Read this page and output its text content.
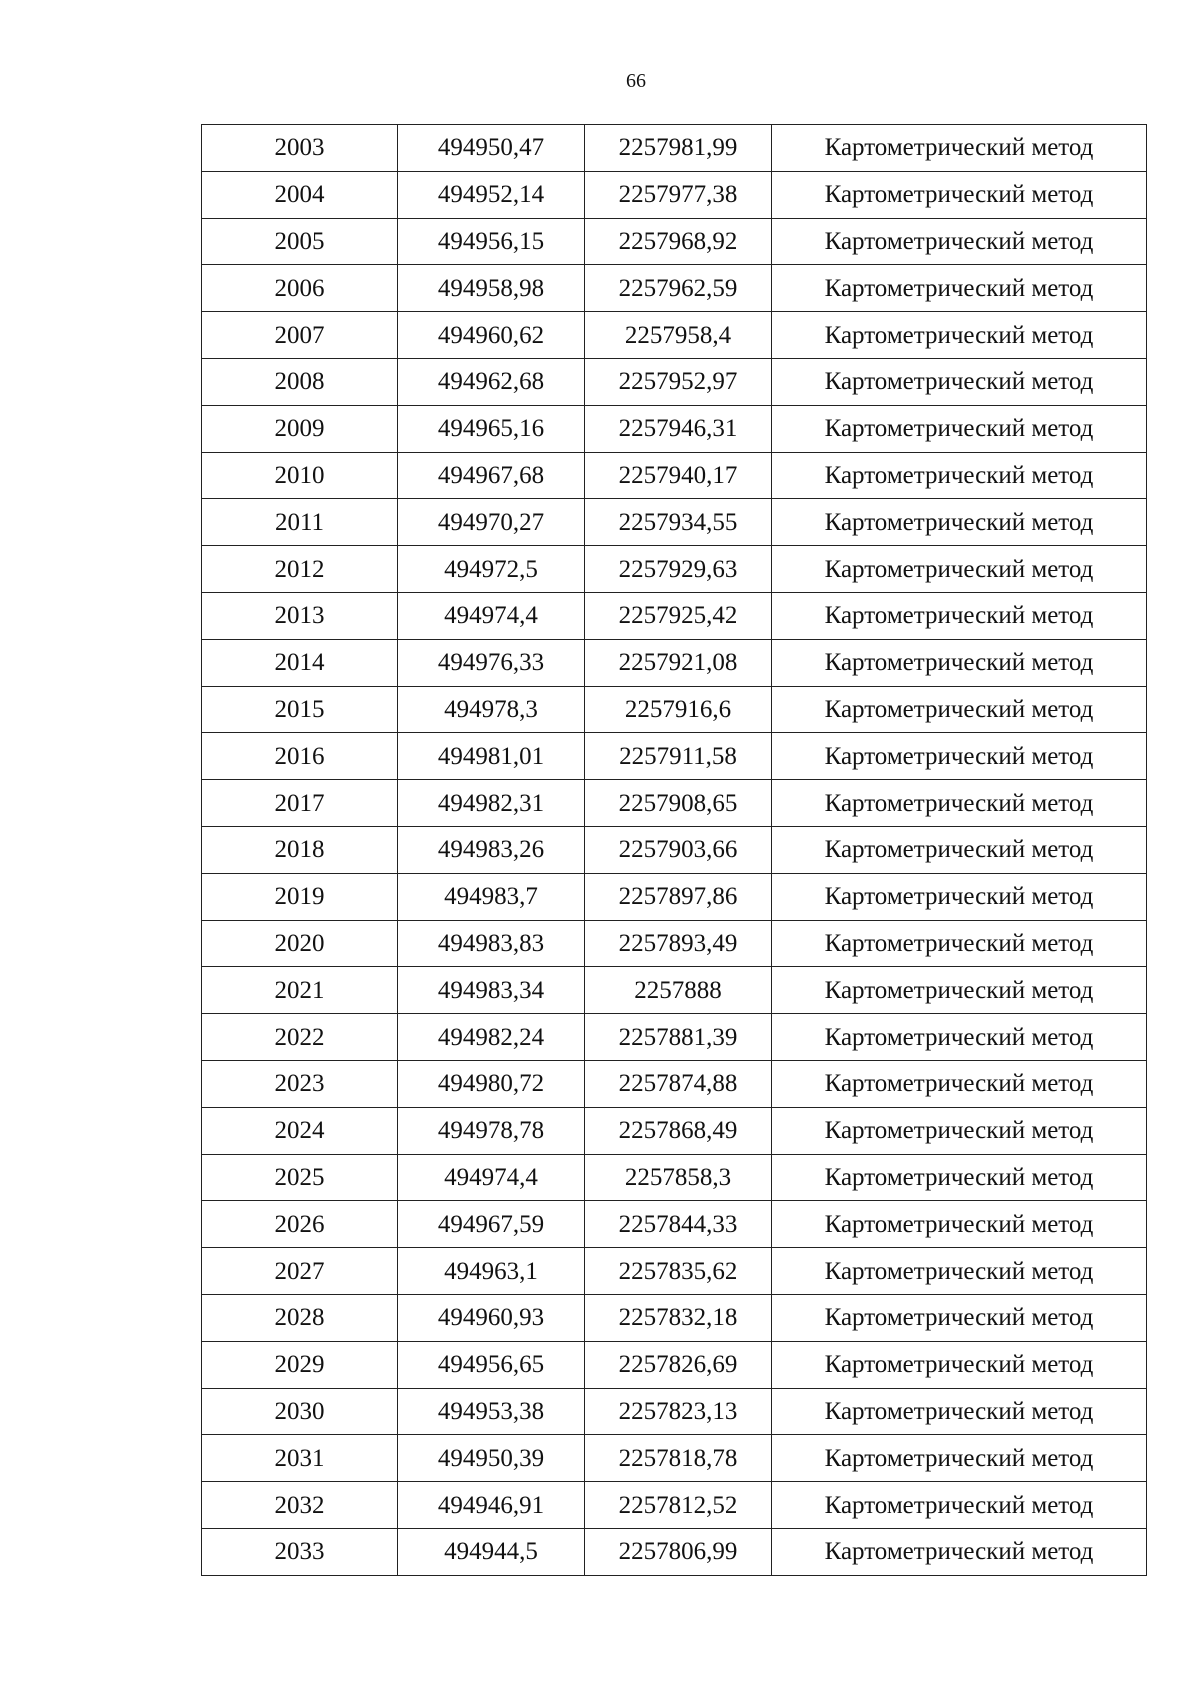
66
2003	494950,47	2257981,99	Картометрический метод
2004	494952,14	2257977,38	Картометрический метод
2005	494956,15	2257968,92	Картометрический метод
2006	494958,98	2257962,59	Картометрический метод
2007	494960,62	2257958,4	Картометрический метод
2008	494962,68	2257952,97	Картометрический метод
2009	494965,16	2257946,31	Картометрический метод
2010	494967,68	2257940,17	Картометрический метод
2011	494970,27	2257934,55	Картометрический метод
2012	494972,5	2257929,63	Картометрический метод
2013	494974,4	2257925,42	Картометрический метод
2014	494976,33	2257921,08	Картометрический метод
2015	494978,3	2257916,6	Картометрический метод
2016	494981,01	2257911,58	Картометрический метод
2017	494982,31	2257908,65	Картометрический метод
2018	494983,26	2257903,66	Картометрический метод
2019	494983,7	2257897,86	Картометрический метод
2020	494983,83	2257893,49	Картометрический метод
2021	494983,34	2257888	Картометрический метод
2022	494982,24	2257881,39	Картометрический метод
2023	494980,72	2257874,88	Картометрический метод
2024	494978,78	2257868,49	Картометрический метод
2025	494974,4	2257858,3	Картометрический метод
2026	494967,59	2257844,33	Картометрический метод
2027	494963,1	2257835,62	Картометрический метод
2028	494960,93	2257832,18	Картометрический метод
2029	494956,65	2257826,69	Картометрический метод
2030	494953,38	2257823,13	Картометрический метод
2031	494950,39	2257818,78	Картометрический метод
2032	494946,91	2257812,52	Картометрический метод
2033	494944,5	2257806,99	Картометрический метод
